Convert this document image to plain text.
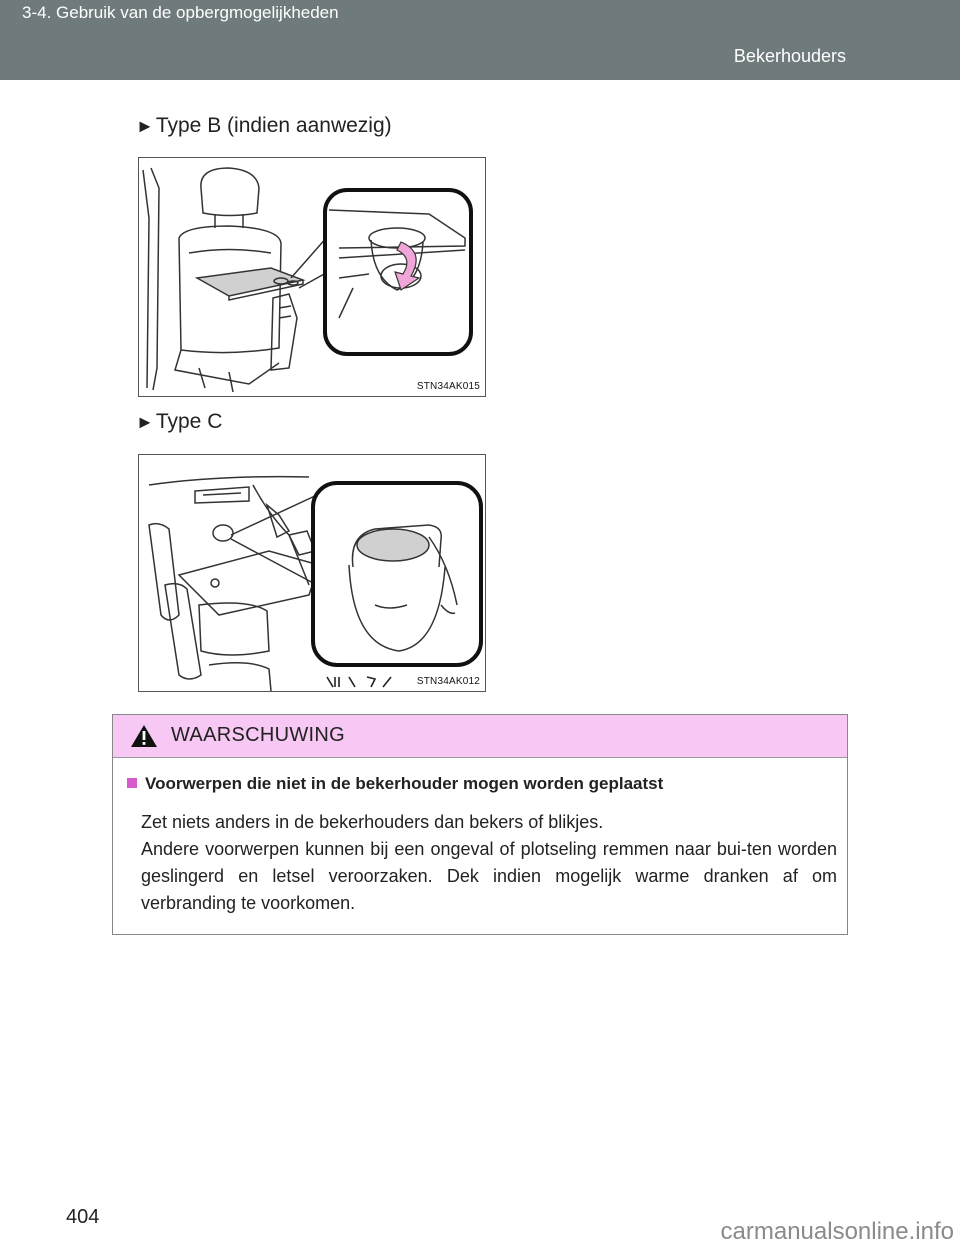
3-4. Gebruik van de opbergmogelijkheden
Bekerhouders
►Type B (indien aanwezig)
STN34AK015
►Type C
STN34AK012
WAARSCHUWING
Voorwerpen die niet in de bekerhouder mogen worden geplaatst

Zet niets anders in de bekerhouders dan bekers of blikjes.

Andere voorwerpen kunnen bij een ongeval of plotseling remmen naar bui-ten worden geslingerd en letsel veroorzaken. Dek indien mogelijk warme dranken af om verbranding te voorkomen.

404
carmanualsonline.info
